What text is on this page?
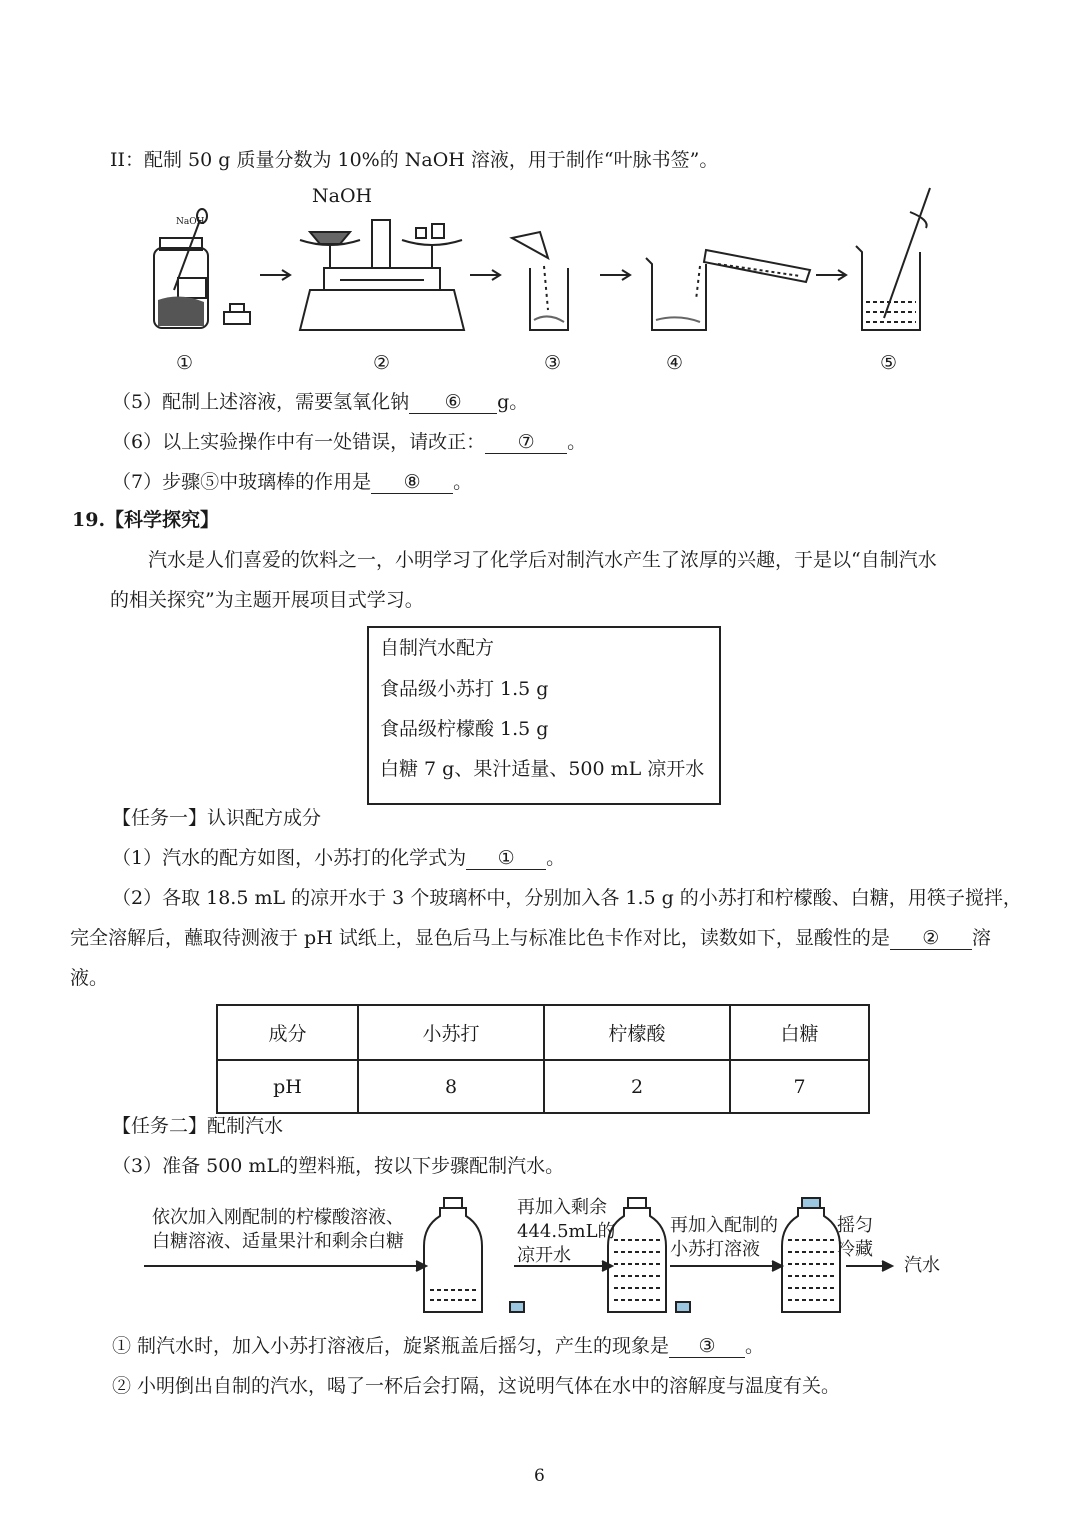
II：配制 50 g 质量分数为 10%的 NaOH 溶液，用于制作“叶脉书签”。
NaOH
NaOH
①	②	③	④	⑤
（5）配制上述溶液，需要氢氧化钠 ⑥ g。
（6）以上实验操作中有一处错误，请改正： ⑦ 。
（7）步骤⑤中玻璃棒的作用是 ⑧ 。
19.【科学探究】
汽水是人们喜爱的饮料之一，小明学习了化学后对制汽水产生了浓厚的兴趣，于是以“自制汽水
的相关探究”为主题开展项目式学习。
自制汽水配方
食品级小苏打 1.5 g
食品级柠檬酸 1.5 g
白糖 7 g、果汁适量、500 mL 凉开水
【任务一】认识配方成分
（1）汽水的配方如图，小苏打的化学式为 ① 。
（2）各取 18.5 mL 的凉开水于 3 个玻璃杯中，分别加入各 1.5 g 的小苏打和柠檬酸、白糖，用筷子搅拌，
完全溶解后，蘸取待测液于 pH 试纸上，显色后马上与标准比色卡作对比，读数如下，显酸性的是 ② 溶
液。
成分	小苏打	柠檬酸	白糖
pH	8	2	7
【任务二】配制汽水
（3）准备 500 mL的塑料瓶，按以下步骤配制汽水。
依次加入刚配制的柠檬酸溶液、
白糖溶液、适量果汁和剩余白糖
再加入剩余
444.5mL的
凉开水
再加入配制的
小苏打溶液
摇匀
冷藏
汽水
① 制汽水时，加入小苏打溶液后，旋紧瓶盖后摇匀，产生的现象是 ③ 。
② 小明倒出自制的汽水，喝了一杯后会打隔，这说明气体在水中的溶解度与温度有关。
6
